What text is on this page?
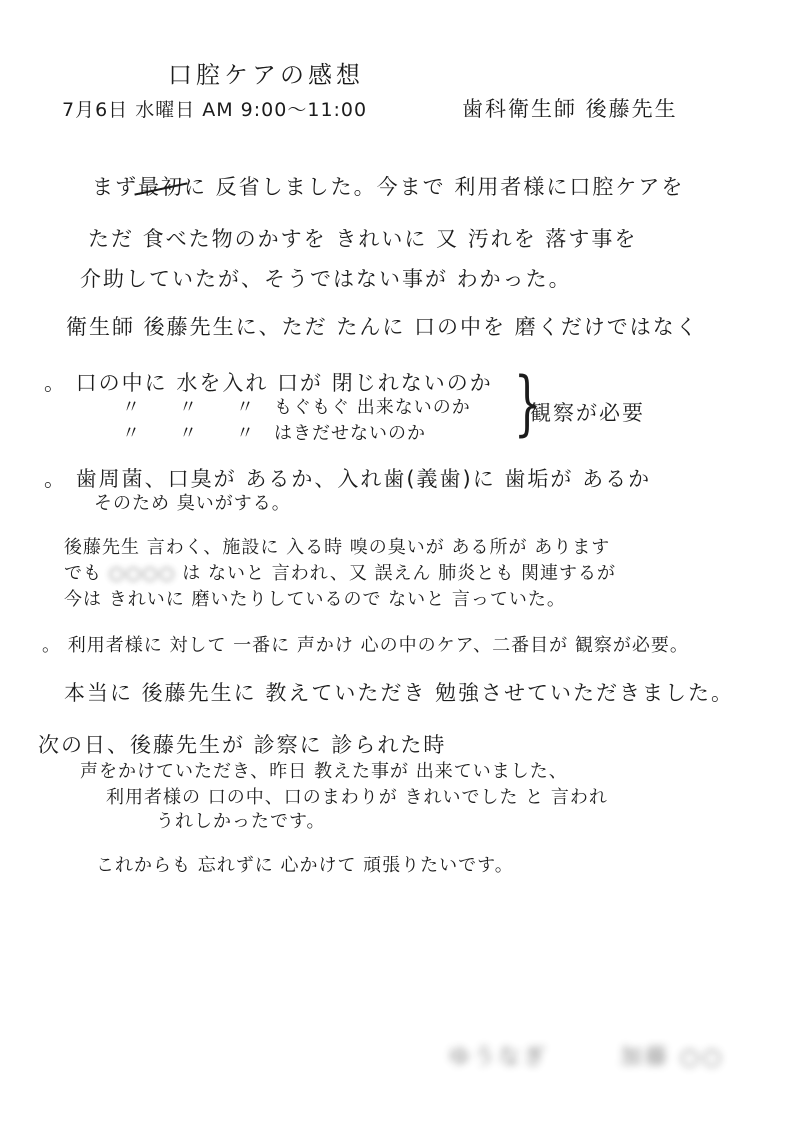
口腔ケアの感想
7月6日 水曜日 AM 9:00〜11:00	歯科衛生師 後藤先生
まず最初に 反省しました。今まで 利用者様に口腔ケアを
ただ 食べた物のかすを きれいに 又 汚れを 落す事を
介助していたが、そうではない事が わかった。
衛生師 後藤先生に、ただ たんに 口の中を 磨くだけではなく
。 口の中に 水を入れ 口が 閉じれないのか
〃　　〃　　〃　もぐもぐ 出来ないのか
〃　　〃　　〃　はきだせないのか }
観察が必要
。 歯周菌、口臭が あるか、入れ歯(義歯)に 歯垢が あるか
そのため 臭いがする。
後藤先生 言わく、施設に 入る時 嗅の臭いが ある所が あります
でも ○○○○ は ないと 言われ、又 誤えん 肺炎とも 関連するが
今は きれいに 磨いたりしているので ないと 言っていた。
。 利用者様に 対して 一番に 声かけ 心の中のケア、二番目が 観察が必要。
本当に 後藤先生に 教えていただき 勉強させていただきました。
次の日、後藤先生が 診察に 診られた時
声をかけていただき、昨日 教えた事が 出来ていました、
利用者様の 口の中、口のまわりが きれいでした と 言われ
うれしかったです。
これからも 忘れずに 心かけて 頑張りたいです。
ゆうなぎ	加藤 ○○
